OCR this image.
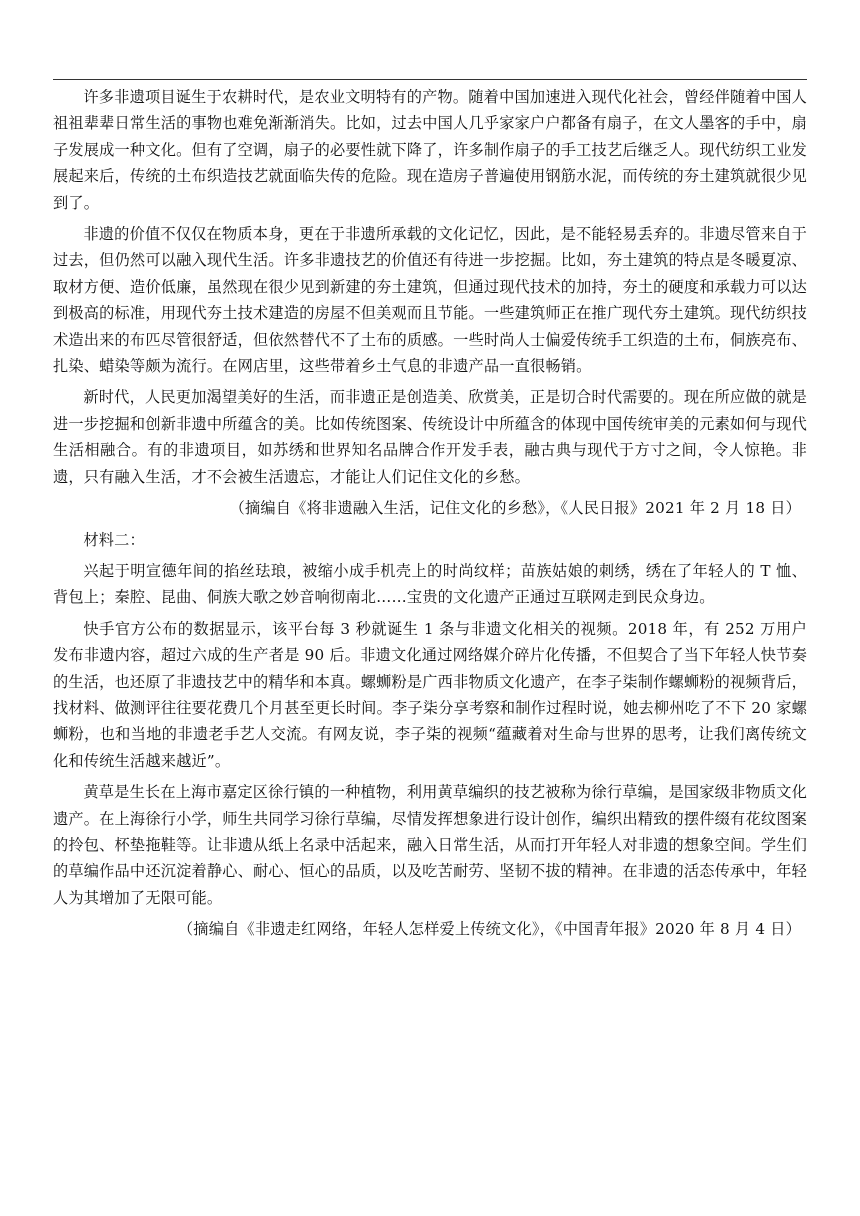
许多非遗项目诞生于农耕时代，是农业文明特有的产物。随着中国加速进入现代化社会，曾经伴随着中国人祖祖辈辈日常生活的事物也难免渐渐消失。比如，过去中国人几乎家家户户都备有扇子，在文人墨客的手中，扇子发展成一种文化。但有了空调，扇子的必要性就下降了，许多制作扇子的手工技艺后继乏人。现代纺织工业发展起来后，传统的土布织造技艺就面临失传的危险。现在造房子普遍使用钢筋水泥，而传统的夯土建筑就很少见到了。

非遗的价值不仅仅在物质本身，更在于非遗所承载的文化记忆，因此，是不能轻易丢弃的。非遗尽管来自于过去，但仍然可以融入现代生活。许多非遗技艺的价值还有待进一步挖掘。比如，夯土建筑的特点是冬暖夏凉、取材方便、造价低廉，虽然现在很少见到新建的夯土建筑，但通过现代技术的加持，夯土的硬度和承载力可以达到极高的标准，用现代夯土技术建造的房屋不但美观而且节能。一些建筑师正在推广现代夯土建筑。现代纺织技术造出来的布匹尽管很舒适，但依然替代不了土布的质感。一些时尚人士偏爱传统手工织造的土布，侗族亮布、扎染、蜡染等颇为流行。在网店里，这些带着乡土气息的非遗产品一直很畅销。

新时代，人民更加渴望美好的生活，而非遗正是创造美、欣赏美，正是切合时代需要的。现在所应做的就是进一步挖掘和创新非遗中所蕴含的美。比如传统图案、传统设计中所蕴含的体现中国传统审美的元素如何与现代生活相融合。有的非遗项目，如苏绣和世界知名品牌合作开发手表，融古典与现代于方寸之间，令人惊艳。非遗，只有融入生活，才不会被生活遗忘，才能让人们记住文化的乡愁。

（摘编自《将非遗融入生活，记住文化的乡愁》，《人民日报》2021 年 2 月 18 日）

材料二：

兴起于明宣德年间的掐丝珐琅，被缩小成手机壳上的时尚纹样；苗族姑娘的刺绣，绣在了年轻人的 T 恤、背包上；秦腔、昆曲、侗族大歌之妙音响彻南北……宝贵的文化遗产正通过互联网走到民众身边。

快手官方公布的数据显示，该平台每 3 秒就诞生 1 条与非遗文化相关的视频。2018 年，有 252 万用户发布非遗内容，超过六成的生产者是 90 后。非遗文化通过网络媒介碎片化传播，不但契合了当下年轻人快节奏的生活，也还原了非遗技艺中的精华和本真。螺蛳粉是广西非物质文化遗产，在李子柒制作螺蛳粉的视频背后，找材料、做测评往往要花费几个月甚至更长时间。李子柒分享考察和制作过程时说，她去柳州吃了不下 20 家螺蛳粉，也和当地的非遗老手艺人交流。有网友说，李子柒的视频“蕴藏着对生命与世界的思考，让我们离传统文化和传统生活越来越近”。

黄草是生长在上海市嘉定区徐行镇的一种植物，利用黄草编织的技艺被称为徐行草编，是国家级非物质文化遗产。在上海徐行小学，师生共同学习徐行草编，尽情发挥想象进行设计创作，编织出精致的摆件缀有花纹图案的拎包、杯垫拖鞋等。让非遗从纸上名录中活起来，融入日常生活，从而打开年轻人对非遗的想象空间。学生们的草编作品中还沉淀着静心、耐心、恒心的品质，以及吃苦耐劳、坚韧不拔的精神。在非遗的活态传承中，年轻人为其增加了无限可能。

（摘编自《非遗走红网络，年轻人怎样爱上传统文化》，《中国青年报》2020 年 8 月 4 日）
